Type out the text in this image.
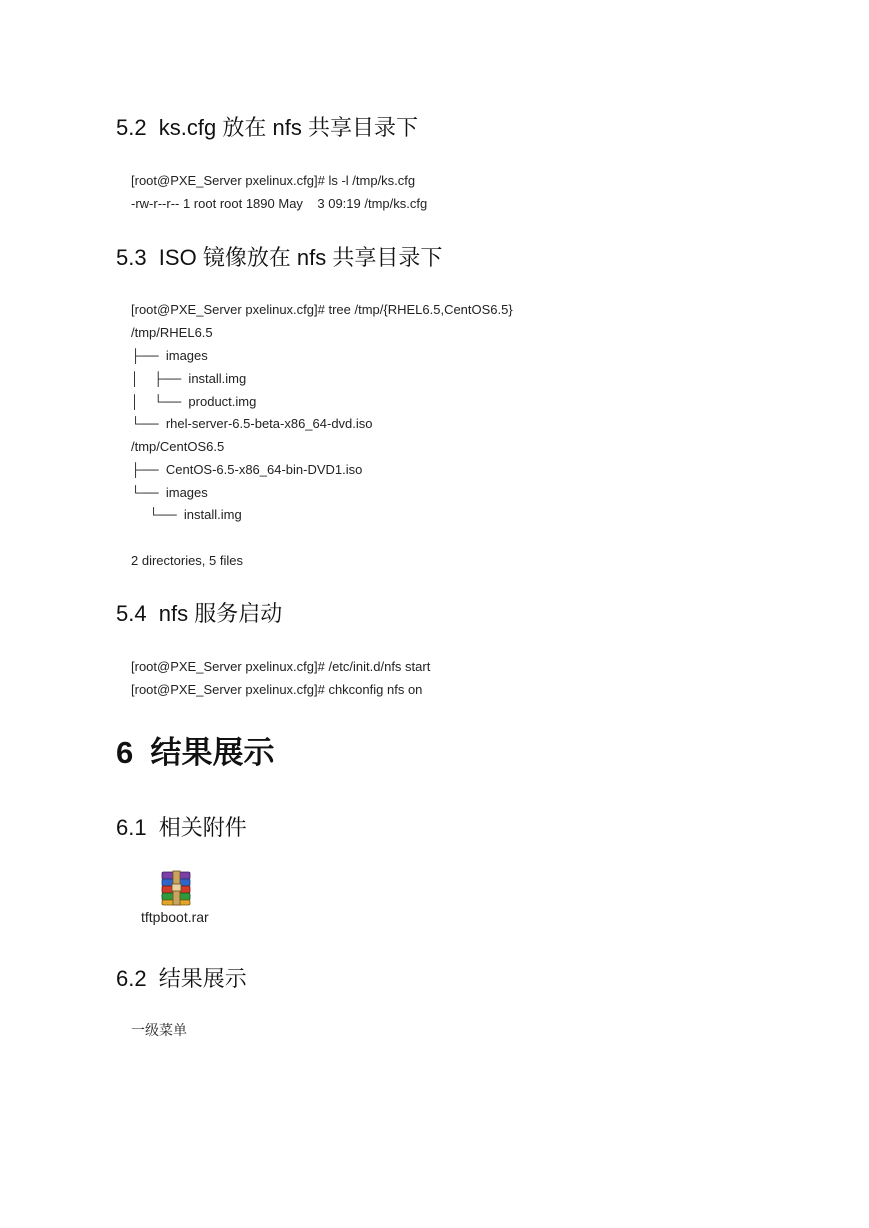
5.2  ks.cfg 放在 nfs 共享目录下
[root@PXE_Server pxelinux.cfg]# ls -l /tmp/ks.cfg
-rw-r--r-- 1 root root 1890 May    3 09:19 /tmp/ks.cfg
5.3  ISO 镜像放在 nfs 共享目录下
[root@PXE_Server pxelinux.cfg]# tree /tmp/{RHEL6.5,CentOS6.5}
/tmp/RHEL6.5
├──  images
│    ├──  install.img
│    └──  product.img
└──  rhel-server-6.5-beta-x86_64-dvd.iso
/tmp/CentOS6.5
├──  CentOS-6.5-x86_64-bin-DVD1.iso
└──  images
└──  install.img
2 directories, 5 files
5.4  nfs 服务启动
[root@PXE_Server pxelinux.cfg]# /etc/init.d/nfs start
[root@PXE_Server pxelinux.cfg]# chkconfig nfs on
6  结果展示
6.1  相关附件
tftpboot.rar
6.2  结果展示
一级菜单
